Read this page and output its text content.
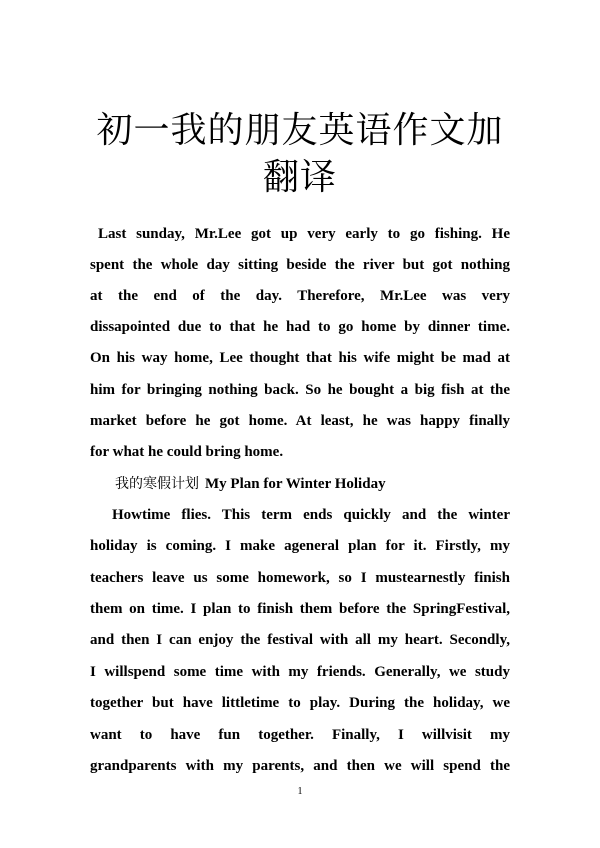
初一我的朋友英语作文加
翻译
Last sunday, Mr.Lee got up very early to go fishing. He
spent the whole day sitting beside the river but got nothing
at the end of the day. Therefore, Mr.Lee was very
dissapointed due to that he had to go home by dinner time.
On his way home, Lee thought that his wife might be mad at
him for bringing nothing back. So he bought a big fish at the
market before he got home. At least, he was happy finally
for what he could bring home.
我的寒假计划 My Plan for Winter Holiday
Howtime flies. This term ends quickly and the winter
holiday is coming. I make ageneral plan for it. Firstly, my
teachers leave us some homework, so I mustearnestly finish
them on time. I plan to finish them before the SpringFestival,
and then I can enjoy the festival with all my heart. Secondly,
I willspend some time with my friends. Generally, we study
together but have littletime to play. During the holiday, we
want to have fun together. Finally, I willvisit my
grandparents with my parents, and then we will spend the
1
